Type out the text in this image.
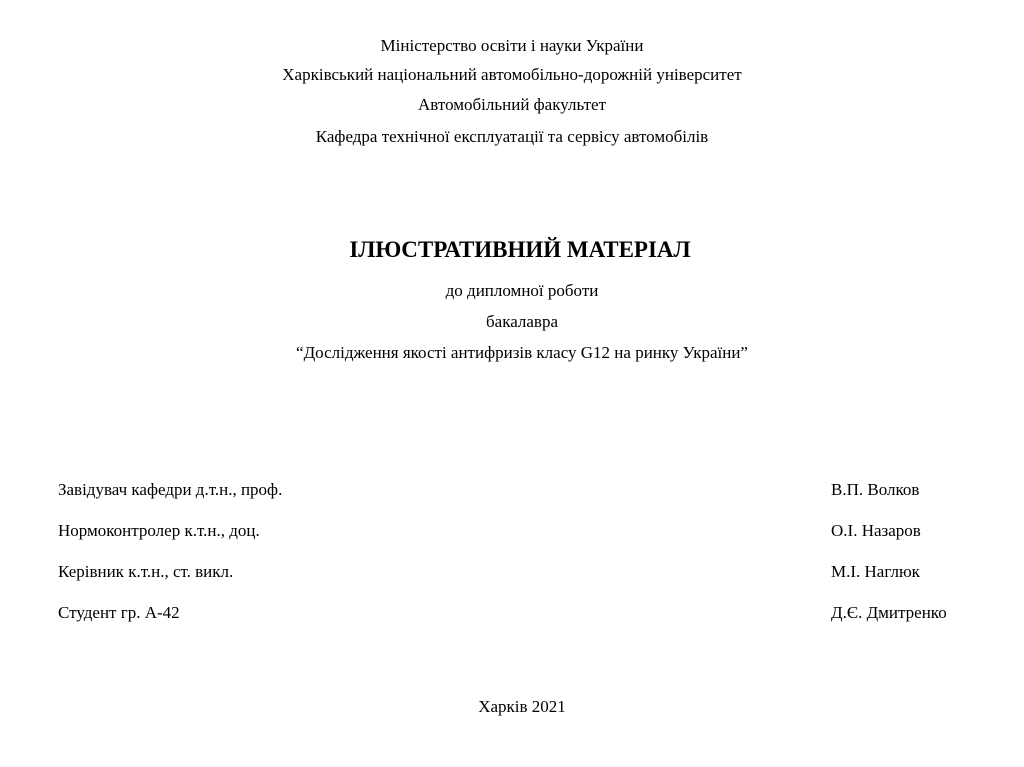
Міністерство освіти і науки України
Харківський національний автомобільно-дорожній університет
Автомобільний факультет
Кафедра технічної експлуатації та сервісу автомобілів
ІЛЮСТРАТИВНИЙ МАТЕРІАЛ
до дипломної роботи
бакалавра
“Дослідження якості антифризів класу G12 на ринку України”
Завідувач кафедри д.т.н., проф.	В.П. Волков
Нормоконтролер к.т.н., доц.	О.І. Назаров
Керівник к.т.н., ст. викл.	М.І. Наглюк
Студент гр. А-42	Д.Є. Дмитренко
Харків 2021
